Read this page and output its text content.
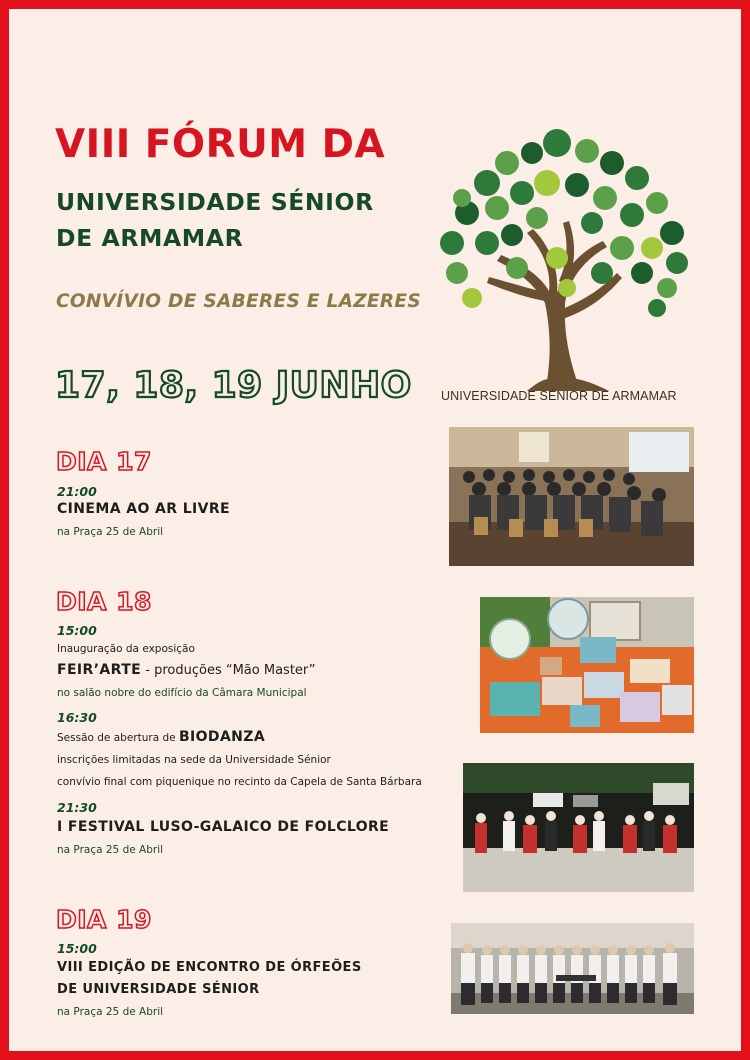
VIII FÓRUM DA
UNIVERSIDADE SÉNIOR
DE ARMAMAR

CONVÍVIO DE SABERES E LAZERES

17, 18, 19 JUNHO UNIVERSIDADE SÉNIOR DE ARMAMAR

DIA 17

21:00

CINEMA AO AR LIVRE

na Praça 25 de Abril

DIA 18

15:00

Inauguração da exposição

FEIR’ARTE - produções “Mão Master”

no salão nobre do edifício da Câmara Municipal

16:30

Sessão de abertura de BIODANZA

inscrições limitadas na sede da Universidade Sénior

convívio final com piquenique no recinto da Capela de Santa Bárbara

21:30

I FESTIVAL LUSO-GALAICO DE FOLCLORE

na Praça 25 de Abril

DIA 19

15:00

VIII EDIÇÃO DE ENCONTRO DE ÓRFEÕES

DE UNIVERSIDADE SÉNIOR

na Praça 25 de Abril
